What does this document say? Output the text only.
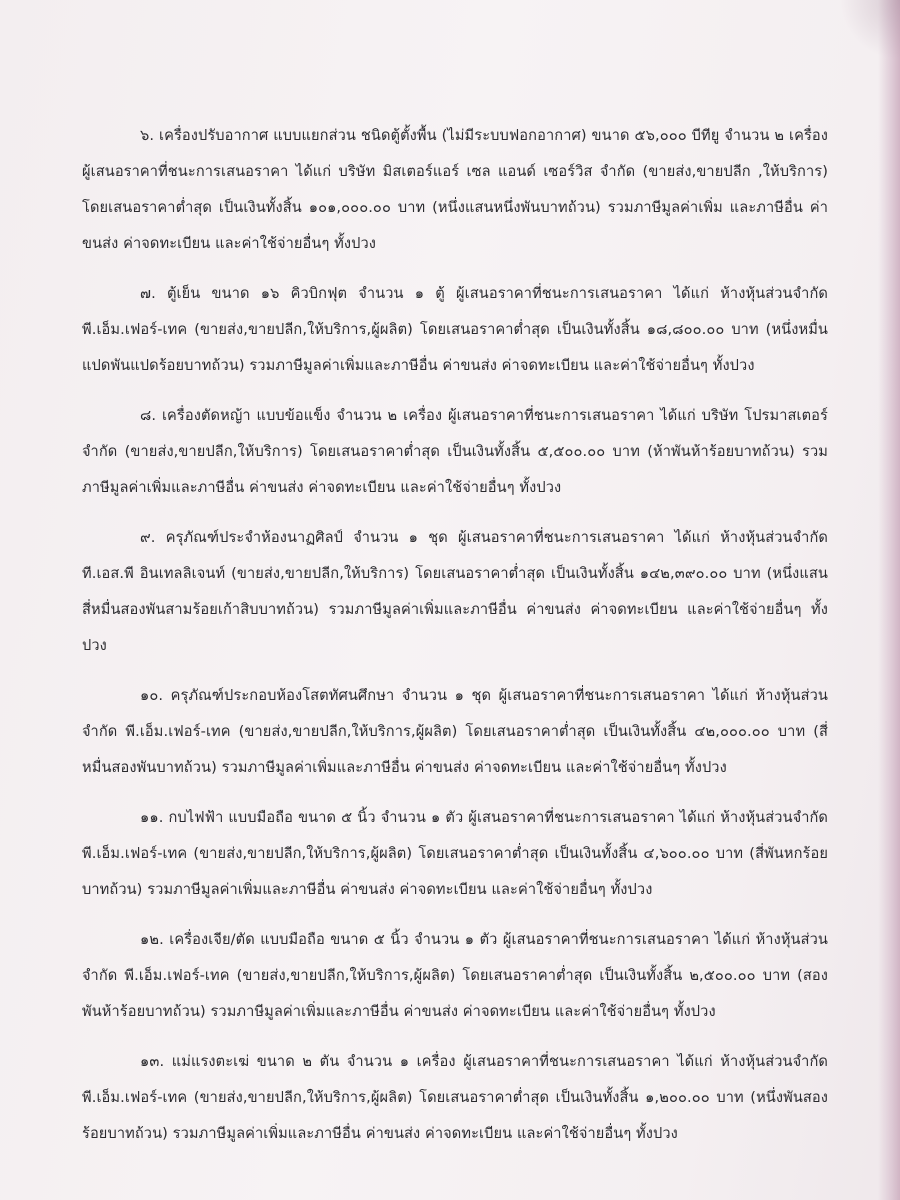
๖. เครื่องปรับอากาศ แบบแยกส่วน ชนิดตู้ตั้งพื้น (ไม่มีระบบฟอกอากาศ) ขนาด ๕๖,๐๐๐ บีทียู จำนวน ๒ เครื่อง ผู้เสนอราคาที่ชนะการเสนอราคา ได้แก่ บริษัท มิสเตอร์แอร์ เซล แอนด์ เซอร์วิส จำกัด (ขายส่ง,ขายปลีก ,ให้บริการ) โดยเสนอราคาต่ำสุด เป็นเงินทั้งสิ้น ๑๐๑,๐๐๐.๐๐ บาท (หนึ่งแสนหนึ่งพันบาทถ้วน) รวมภาษีมูลค่าเพิ่ม และภาษีอื่น ค่าขนส่ง ค่าจดทะเบียน และค่าใช้จ่ายอื่นๆ ทั้งปวง

๗. ตู้เย็น ขนาด ๑๖ คิวบิกฟุต จำนวน ๑ ตู้ ผู้เสนอราคาที่ชนะการเสนอราคา ได้แก่ ห้างหุ้นส่วนจำกัด พี.เอ็ม.เฟอร์-เทค (ขายส่ง,ขายปลีก,ให้บริการ,ผู้ผลิต) โดยเสนอราคาต่ำสุด เป็นเงินทั้งสิ้น ๑๘,๘๐๐.๐๐ บาท (หนึ่งหมื่นแปดพันแปดร้อยบาทถ้วน) รวมภาษีมูลค่าเพิ่มและภาษีอื่น ค่าขนส่ง ค่าจดทะเบียน และค่าใช้จ่ายอื่นๆ ทั้งปวง

๘. เครื่องตัดหญ้า แบบข้อแข็ง จำนวน ๒ เครื่อง ผู้เสนอราคาที่ชนะการเสนอราคา ได้แก่ บริษัท โปรมาสเตอร์ จำกัด (ขายส่ง,ขายปลีก,ให้บริการ) โดยเสนอราคาต่ำสุด เป็นเงินทั้งสิ้น ๕,๕๐๐.๐๐ บาท (ห้าพันห้าร้อยบาทถ้วน) รวมภาษีมูลค่าเพิ่มและภาษีอื่น ค่าขนส่ง ค่าจดทะเบียน และค่าใช้จ่ายอื่นๆ ทั้งปวง

๙. ครุภัณฑ์ประจำห้องนาฏศิลป์ จำนวน ๑ ชุด ผู้เสนอราคาที่ชนะการเสนอราคา ได้แก่ ห้างหุ้นส่วนจำกัด ที.เอส.พี อินเทลลิเจนท์ (ขายส่ง,ขายปลีก,ให้บริการ) โดยเสนอราคาต่ำสุด เป็นเงินทั้งสิ้น ๑๔๒,๓๙๐.๐๐ บาท (หนึ่งแสนสี่หมื่นสองพันสามร้อยเก้าสิบบาทถ้วน) รวมภาษีมูลค่าเพิ่มและภาษีอื่น ค่าขนส่ง ค่าจดทะเบียน และค่าใช้จ่ายอื่นๆ ทั้งปวง

๑๐. ครุภัณฑ์ประกอบห้องโสตทัศนศึกษา จำนวน ๑ ชุด ผู้เสนอราคาที่ชนะการเสนอราคา ได้แก่ ห้างหุ้นส่วนจำกัด พี.เอ็ม.เฟอร์-เทค (ขายส่ง,ขายปลีก,ให้บริการ,ผู้ผลิต) โดยเสนอราคาต่ำสุด เป็นเงินทั้งสิ้น ๔๒,๐๐๐.๐๐ บาท (สี่หมื่นสองพันบาทถ้วน) รวมภาษีมูลค่าเพิ่มและภาษีอื่น ค่าขนส่ง ค่าจดทะเบียน และค่าใช้จ่ายอื่นๆ ทั้งปวง

๑๑. กบไฟฟ้า แบบมือถือ ขนาด ๕ นิ้ว จำนวน ๑ ตัว ผู้เสนอราคาที่ชนะการเสนอราคา ได้แก่ ห้างหุ้นส่วนจำกัด พี.เอ็ม.เฟอร์-เทค (ขายส่ง,ขายปลีก,ให้บริการ,ผู้ผลิต) โดยเสนอราคาต่ำสุด เป็นเงินทั้งสิ้น ๔,๖๐๐.๐๐ บาท (สี่พันหกร้อยบาทถ้วน) รวมภาษีมูลค่าเพิ่มและภาษีอื่น ค่าขนส่ง ค่าจดทะเบียน และค่าใช้จ่ายอื่นๆ ทั้งปวง

๑๒. เครื่องเจีย/ตัด แบบมือถือ ขนาด ๕ นิ้ว จำนวน ๑ ตัว ผู้เสนอราคาที่ชนะการเสนอราคา ได้แก่ ห้างหุ้นส่วนจำกัด พี.เอ็ม.เฟอร์-เทค (ขายส่ง,ขายปลีก,ให้บริการ,ผู้ผลิต) โดยเสนอราคาต่ำสุด เป็นเงินทั้งสิ้น ๒,๕๐๐.๐๐ บาท (สองพันห้าร้อยบาทถ้วน) รวมภาษีมูลค่าเพิ่มและภาษีอื่น ค่าขนส่ง ค่าจดทะเบียน และค่าใช้จ่ายอื่นๆ ทั้งปวง

๑๓. แม่แรงตะเฆ่ ขนาด ๒ ตัน จำนวน ๑ เครื่อง ผู้เสนอราคาที่ชนะการเสนอราคา ได้แก่ ห้างหุ้นส่วนจำกัด พี.เอ็ม.เฟอร์-เทค (ขายส่ง,ขายปลีก,ให้บริการ,ผู้ผลิต) โดยเสนอราคาต่ำสุด เป็นเงินทั้งสิ้น ๑,๒๐๐.๐๐ บาท (หนึ่งพันสองร้อยบาทถ้วน) รวมภาษีมูลค่าเพิ่มและภาษีอื่น ค่าขนส่ง ค่าจดทะเบียน และค่าใช้จ่ายอื่นๆ ทั้งปวง
